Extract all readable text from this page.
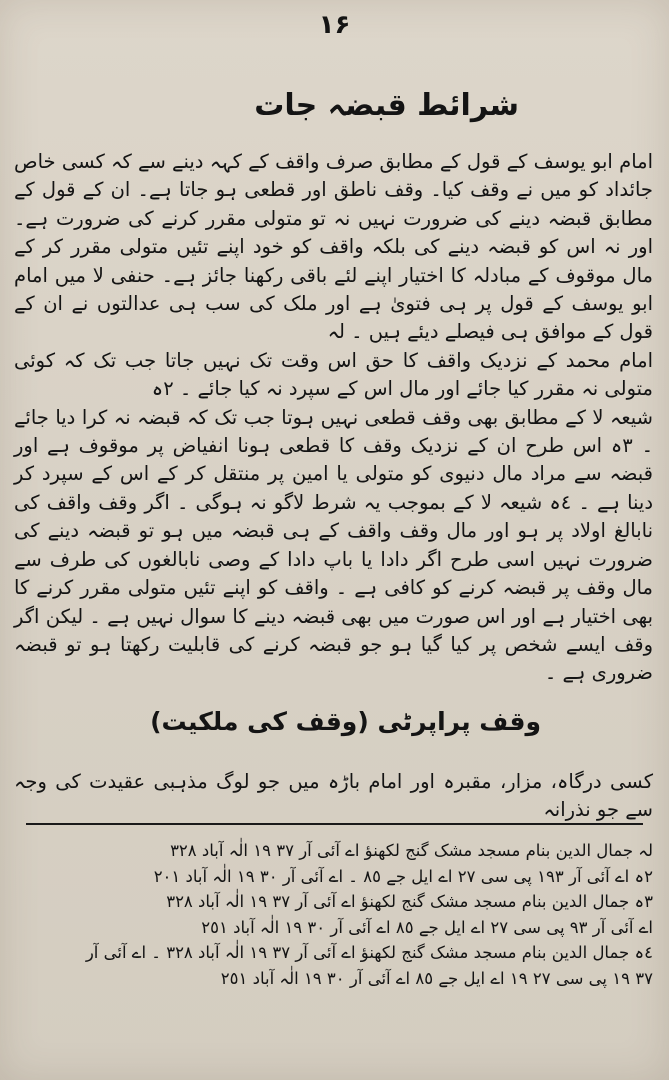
۱۶
شرائط قبضہ جات

امام ابو یوسف کے قول کے مطابق صرف واقف کے کہہ دینے سے کہ کسی خاص جائداد کو میں نے وقف کیا۔ وقف ناطق اور قطعی ہو جاتا ہے۔ ان کے قول کے مطابق قبضہ دینے کی ضرورت نہیں نہ تو متولی مقرر کرنے کی ضرورت ہے۔ اور نہ اس کو قبضہ دینے کی بلکہ واقف کو خود اپنے تئیں متولی مقرر کر کے مال موقوف کے مبادلہ کا اختیار اپنے لئے باقی رکھنا جائز ہے۔ حنفی لا میں امام ابو یوسف کے قول پر ہی فتویٰ ہے اور ملک کی سب ہی عدالتوں نے ان کے قول کے موافق ہی فیصلے دیئے ہیں ۔ لہ

امام محمد کے نزدیک واقف کا حق اس وقت تک نہیں جاتا جب تک کہ کوئی متولی نہ مقرر کیا جائے اور مال اس کے سپرد نہ کیا جائے ۔ ٢ہ

شیعہ لا کے مطابق بھی وقف قطعی نہیں ہوتا جب تک کہ قبضہ نہ کرا دیا جائے ۔ ٣ہ اس طرح ان کے نزدیک وقف کا قطعی ہونا انفیاض پر موقوف ہے اور قبضہ سے مراد مال دنیوی کو متولی یا امین پر منتقل کر کے اس کے سپرد کر دینا ہے ۔ ٤ہ شیعہ لا کے بموجب یہ شرط لاگو نہ ہوگی ۔ اگر وقف واقف کی نابالغ اولاد پر ہو اور مال وقف واقف کے ہی قبضہ میں ہو تو قبضہ دینے کی ضرورت نہیں اسی طرح اگر دادا یا باپ دادا کے وصی نابالغوں کی طرف سے مال وقف پر قبضہ کرنے کو کافی ہے ۔ واقف کو اپنے تئیں متولی مقرر کرنے کا بھی اختیار ہے اور اس صورت میں بھی قبضہ دینے کا سوال نہیں ہے ۔ لیکن اگر وقف ایسے شخص پر کیا گیا ہو جو قبضہ کرنے کی قابلیت رکھتا ہو تو قبضہ ضروری ہے ۔

وقف پراپرٹی (وقف کی ملکیت)
کسی درگاہ، مزار، مقبرہ اور امام باڑہ میں جو لوگ مذہبی عقیدت کی وجہ سے جو نذرانہ

لہ جمال الدین بنام مسجد مشک گنج لکھنؤ اے آئی آر ٣٧ ١٩ الٰہ آباد ٣٢٨

٢ہ اے آئی آر ١٩٣ پی سی ٢٧ اے ایل جے ٨٥ ۔ اے آئی آر ٣٠ ١٩ الٰہ آباد ٢٠١

٣ہ جمال الدین بنام مسجد مشک گنج لکھنؤ اے آئی آر ٣٧ ١٩ الٰہ آباد ٣٢٨

اے آئی آر ٩٣ پی سی ٢٧ اے ایل جے ٨٥ اے آئی آر ٣٠ ١٩ الٰہ آباد ٢٥١

٤ہ جمال الدین بنام مسجد مشک گنج لکھنؤ اے آئی آر ٣٧ ١٩ الٰہ آباد ٣٢٨ ۔ اے آئی آر

٣٧ ١٩ پی سی ٢٧ ١٩ اے ایل جے ٨٥ اے آئی آر ٣٠ ١٩ الٰہ آباد ٢٥١
